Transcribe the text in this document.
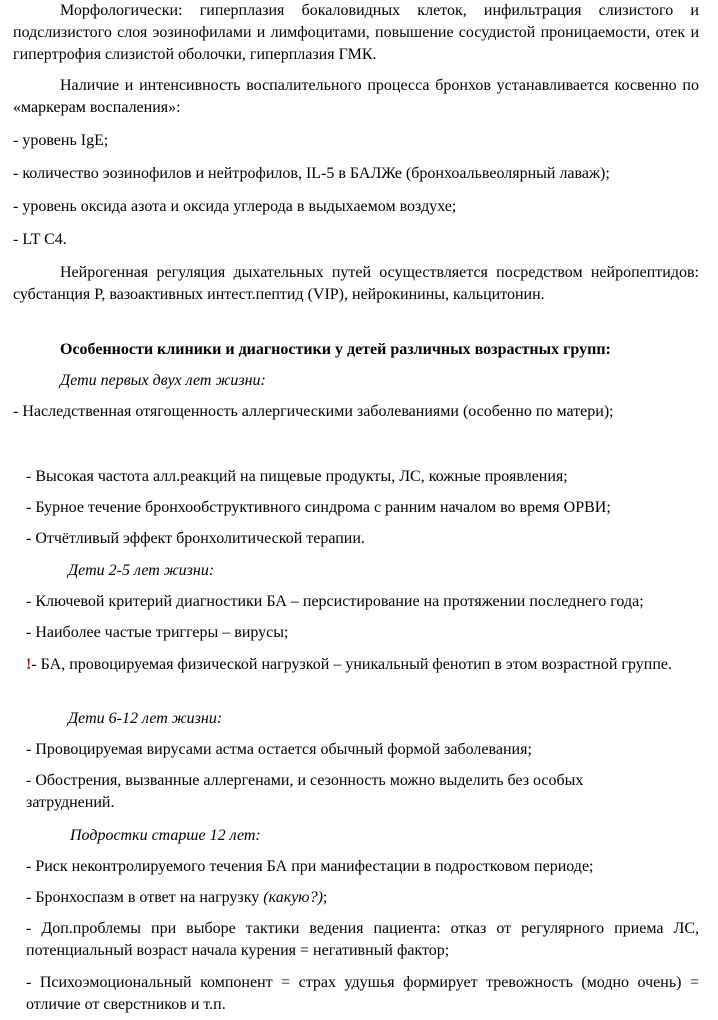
Морфологически: гиперплазия бокаловидных клеток, инфильтрация слизистого и подслизистого слоя эозинофилами и лимфоцитами, повышение сосудистой проницаемости, отек и гипертрофия слизистой оболочки, гиперплазия ГМК.

Наличие и интенсивность воспалительного процесса бронхов устанавливается косвенно по «маркерам воспаления»:

- уровень IgE;

- количество эозинофилов и нейтрофилов, IL-5 в БАЛЖе (бронхоальвеолярный лаваж);

- уровень оксида азота и оксида углерода в выдыхаемом воздухе;

- LT C4.

Нейрогенная регуляция дыхательных путей осуществляется посредством нейропептидов: субстанция P, вазоактивных интест.пептид (VIP), нейрокинины, кальцитонин.

Особенности клиники и диагностики у детей различных возрастных групп:

Дети первых двух лет жизни:

- Наследственная отягощенность аллергическими заболеваниями (особенно по матери);

- Высокая частота алл.реакций на пищевые продукты, ЛС, кожные проявления;

- Бурное течение бронхообструктивного синдрома с ранним началом во время ОРВИ;

- Отчётливый эффект бронхолитической терапии.

Дети 2-5 лет жизни:

- Ключевой критерий диагностики БА – персистирование на протяжении последнего года;

- Наиболее частые триггеры – вирусы;

!- БА, провоцируемая физической нагрузкой – уникальный фенотип в этом возрастной группе.

Дети 6-12 лет жизни:

- Провоцируемая вирусами астма остается обычный формой заболевания;

- Обострения, вызванные аллергенами, и сезонность можно выделить без особых затруднений.

Подростки старше 12 лет:

- Риск неконтролируемого течения БА при манифестации в подростковом периоде;

- Бронхоспазм в ответ на нагрузку (какую?);

- Доп.проблемы при выборе тактики ведения пациента: отказ от регулярного приема ЛС, потенциальный возраст начала курения = негативный фактор;

- Психоэмоциональный компонент = страх удушья формирует тревожность (модно очень) = отличие от сверстников и т.п.
